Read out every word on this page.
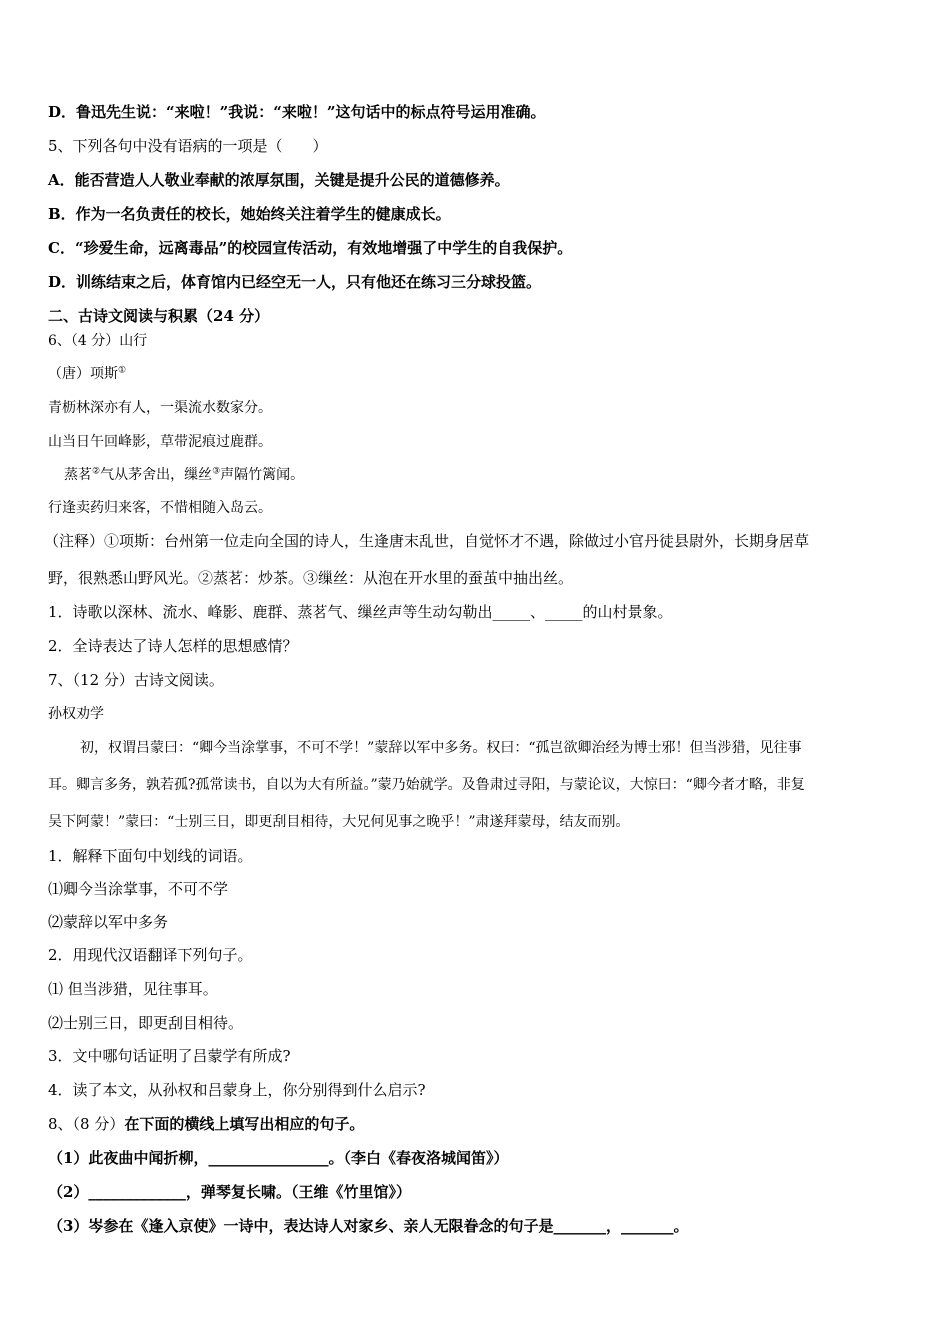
D．鲁迅先生说：“来啦！”我说：“来啦！”这句话中的标点符号运用准确。
5、下列各句中没有语病的一项是（　　）
A．能否营造人人敬业奉献的浓厚氛围，关键是提升公民的道德修养。
B．作为一名负责任的校长，她始终关注着学生的健康成长。
C．“珍爱生命，远离毒品”的校园宣传活动，有效地增强了中学生的自我保护。
D．训练结束之后，体育馆内已经空无一人，只有他还在练习三分球投篮。
二、古诗文阅读与积累（24 分）
6、（4 分）山行
（唐）项斯①
青枥林深亦有人，一渠流水数家分。
山当日午回峰影，草带泥痕过鹿群。
蒸茗②气从茅舍出，缫丝③声隔竹篱闻。
行逢卖药归来客，不惜相随入岛云。
（注释）①项斯：台州第一位走向全国的诗人，生逢唐末乱世，自觉怀才不遇，除做过小官丹徒县尉外，长期身居草
野，很熟悉山野风光。②蒸茗：炒茶。③缫丝：从泡在开水里的蚕茧中抽出丝。
1．诗歌以深林、流水、峰影、鹿群、蒸茗气、缫丝声等生动勾勒出_____、_____的山村景象。
2．全诗表达了诗人怎样的思想感情？
7、（12 分）古诗文阅读。
孙权劝学
初，权谓吕蒙曰：“卿今当涂掌事，不可不学！”蒙辞以军中多务。权曰：“孤岂欲卿治经为博士邪！但当涉猎，见往事
耳。卿言多务，孰若孤?孤常读书，自以为大有所益。”蒙乃始就学。及鲁肃过寻阳，与蒙论议，大惊曰：“卿今者才略，非复
吴下阿蒙！”蒙曰：“士别三日，即更刮目相待，大兄何见事之晚乎！”肃遂拜蒙母，结友而别。
1．解释下面句中划线的词语。
⑴卿今当涂掌事，不可不学
⑵蒙辞以军中多务
2．用现代汉语翻译下列句子。
⑴ 但当涉猎，见往事耳。
⑵士别三日，即更刮目相待。
3．文中哪句话证明了吕蒙学有所成?
4．读了本文，从孙权和吕蒙身上，你分别得到什么启示?
8、（8 分）在下面的横线上填写出相应的句子。
（1）此夜曲中闻折柳，________________。（李白《春夜洛城闻笛》）
（2）_____________，弹琴复长啸。（王维《竹里馆》）
（3）岑参在《逢入京使》一诗中，表达诗人对家乡、亲人无限眷念的句子是_______，_______。
